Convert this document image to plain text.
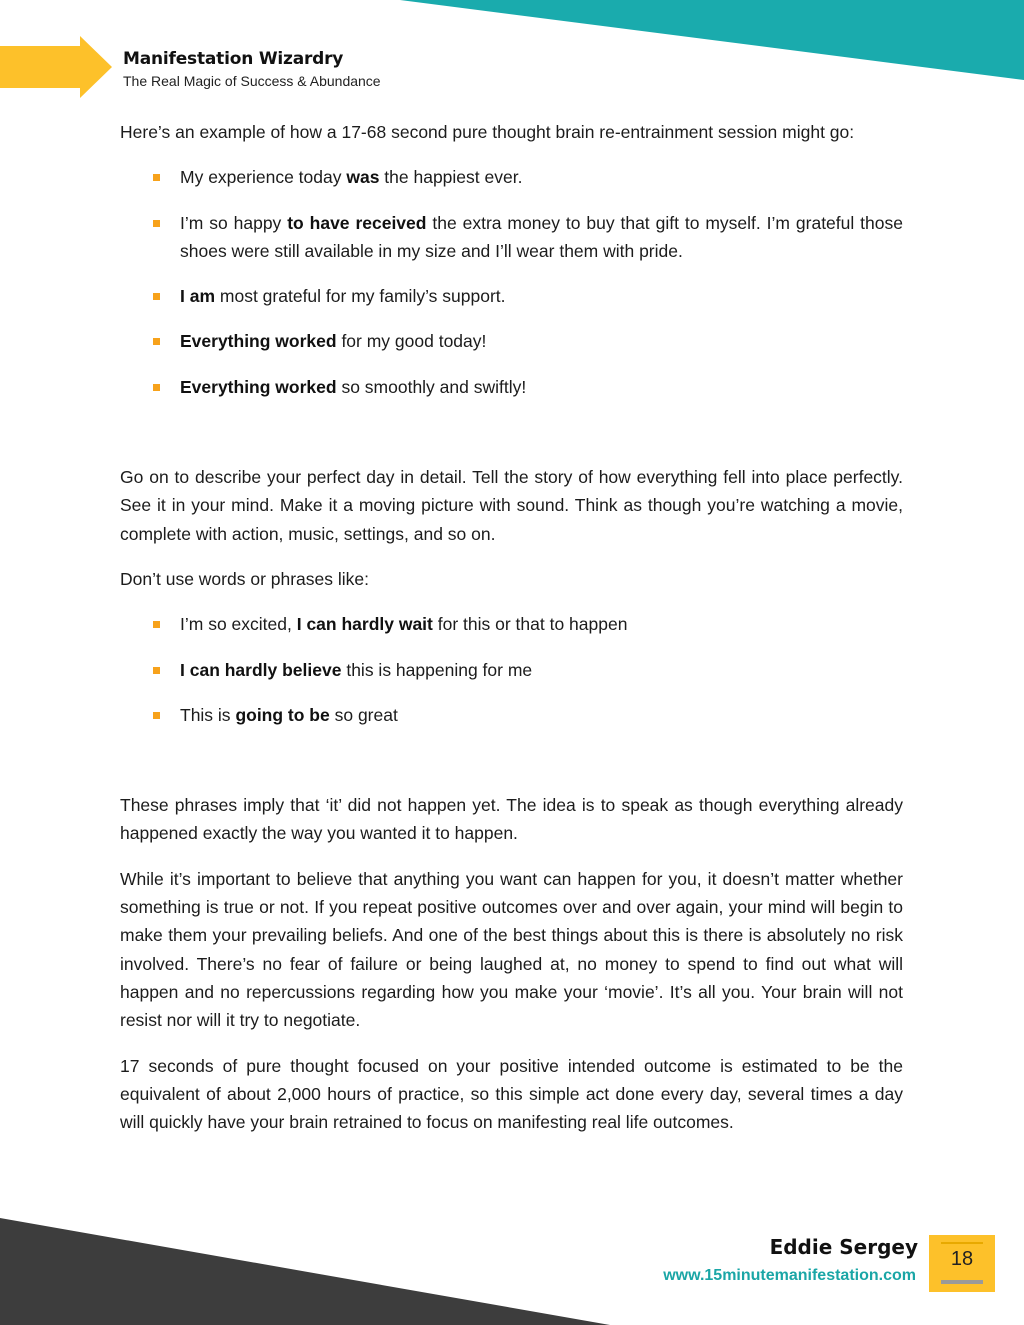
Manifestation Wizardry
The Real Magic of Success & Abundance

Here’s an example of how a 17-68 second pure thought brain re-entrainment session might go:

My experience today was the happiest ever.
I’m so happy to have received the extra money to buy that gift to myself. I’m grateful those shoes were still available in my size and I’ll wear them with pride.
I am most grateful for my family’s support.
Everything worked for my good today!
Everything worked so smoothly and swiftly!

Go on to describe your perfect day in detail. Tell the story of how everything fell into place perfectly. See it in your mind. Make it a moving picture with sound. Think as though you’re watching a movie, complete with action, music, settings, and so on.

Don’t use words or phrases like:

I’m so excited, I can hardly wait for this or that to happen
I can hardly believe this is happening for me
This is going to be so great

These phrases imply that ‘it’ did not happen yet. The idea is to speak as though everything already happened exactly the way you wanted it to happen.

While it’s important to believe that anything you want can happen for you, it doesn’t matter whether something is true or not. If you repeat positive outcomes over and over again, your mind will begin to make them your prevailing beliefs. And one of the best things about this is there is absolutely no risk involved. There’s no fear of failure or being laughed at, no money to spend to find out what will happen and no repercussions regarding how you make your ‘movie’. It’s all you. Your brain will not resist nor will it try to negotiate.

17 seconds of pure thought focused on your positive intended outcome is estimated to be the equivalent of about 2,000 hours of practice, so this simple act done every day, several times a day will quickly have your brain retrained to focus on manifesting real life outcomes.

Eddie Sergey
www.15minutemanifestation.com
18
